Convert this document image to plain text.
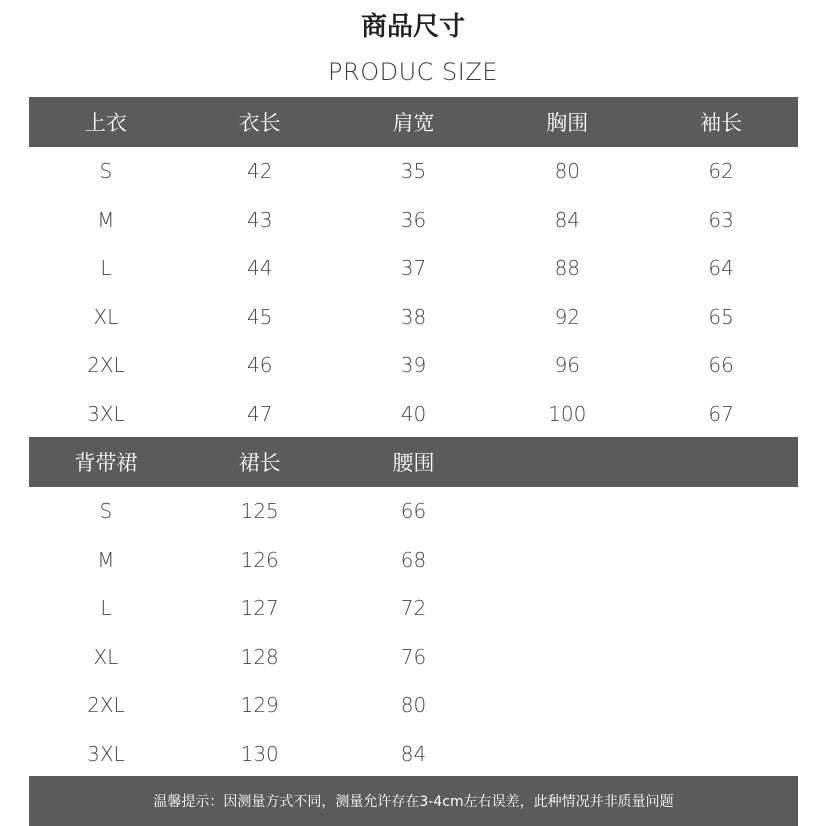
商品尺寸
PRODUC SIZE
上衣	衣长	肩宽	胸围	袖长
S	42	35	80	62
M	43	36	84	63
L	44	37	88	64
XL	45	38	92	65
2XL	46	39	96	66
3XL	47	40	100	67
背带裙	裙长	腰围
S	125	66
M	126	68
L	127	72
XL	128	76
2XL	129	80
3XL	130	84
温馨提示：因测量方式不同，测量允许存在3-4cm左右误差，此种情况并非质量问题
